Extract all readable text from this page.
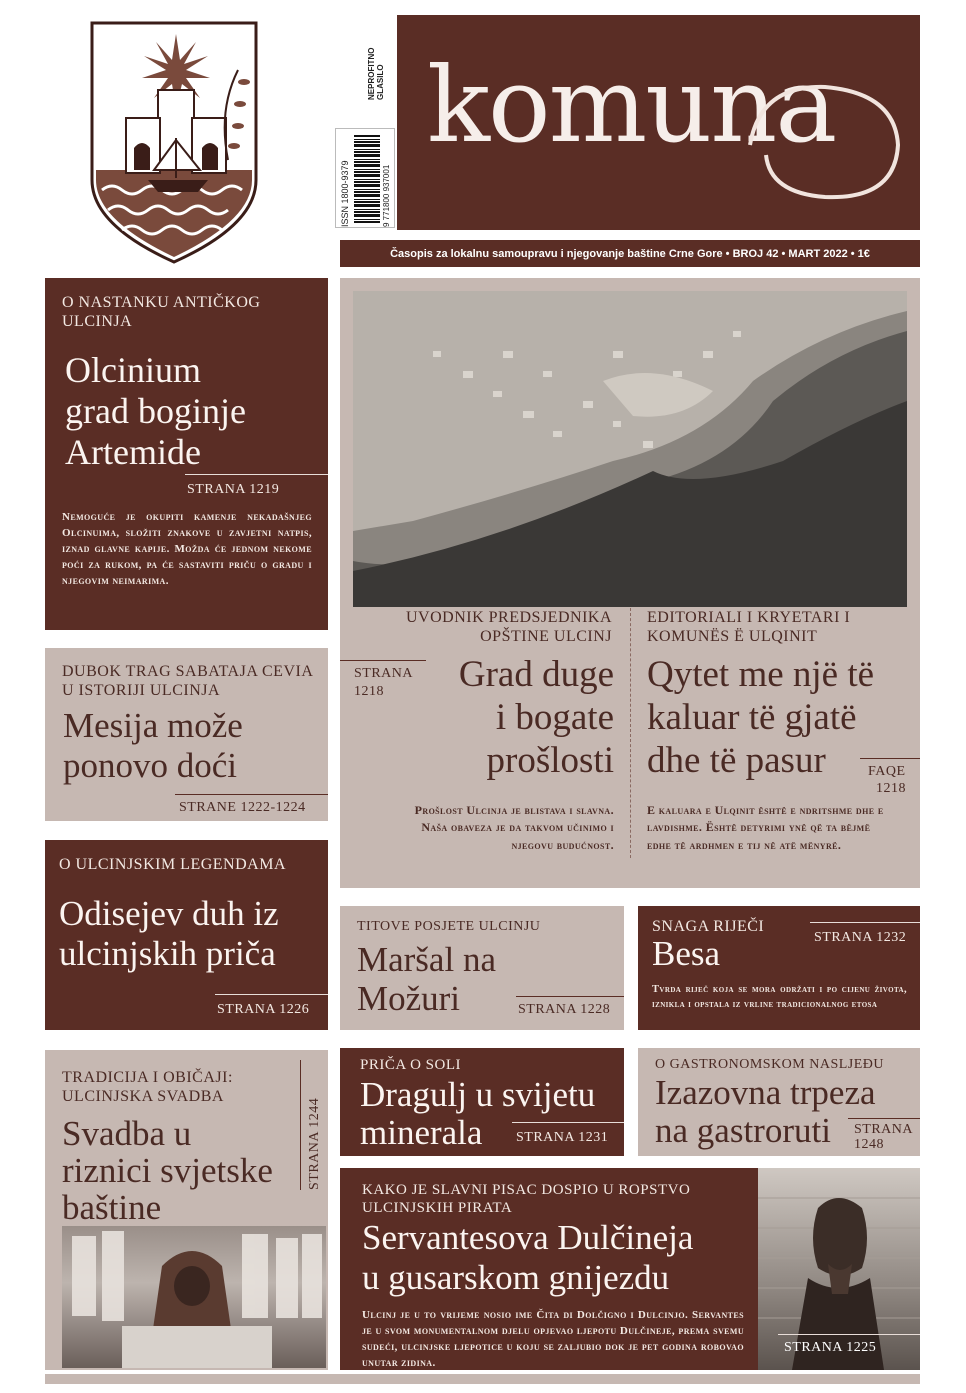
NEPROFITNO GLASILO
ISSN 1800-9379	9 771800 937001
komuna
Časopis za lokalnu samoupravu i njegovanje baštine Crne Gore • BROJ 42 • MART 2022 • 1€
O NASTANKU ANTIČKOG ULCINJA
Olcinium
grad boginje
Artemide
STRANA 1219
Nemoguće je okupiti kamenje nekadašnjeg Olcinuima, složiti znakove u zavjetni natpis, iznad glavne kapije. Možda će jednom nekome poći za rukom, pa će sastaviti priču o gradu i njegovim neimarima.
DUBOK TRAG SABATAJA CEVIA U ISTORIJI ULCINJA
Mesija može
ponovo doći
STRANE 1222-1224
O ULCINJSKIM LEGENDAMA
Odisejev duh iz
ulcinjskih priča
STRANA 1226
TRADICIJA I OBIČAJI: ULCINJSKA SVADBA
Svadba u
riznici svjetske
baštine
STRANA 1244
UVODNIK PREDSJEDNIKA OPŠTINE ULCINJ
STRANA
1218	Grad duge
i bogate
prošlosti
Prošlost Ulcinja je blistava i slavna. Naša obaveza je da takvom učinimo i njegovu budućnost.
EDITORIALI I KRYETARI I KOMUNËS Ë ULQINIT
Qytet me një të
kaluar të gjatë
dhe të pasur	FAQE
1218
E kaluara e Ulqinit është e ndritshme dhe e lavdishme. Është detyrimi ynë që ta bëjmë edhe të ardhmen e tij në atë mënyrë.
TITOVE POSJETE ULCINJU
Maršal na
Možuri	STRANA 1228
SNAGA RIJEČI
Besa	STRANA 1232
Tvrda riječ koja se mora održati i po cijenu života, iznikla i opstala iz vrline tradicionalnog etosa
PRIČA O SOLI
Dragulj u svijetu
minerala	STRANA 1231
O GASTRONOMSKOM NASLJEĐU
Izazovna trpeza
na gastroruti	STRANA
1248
KAKO JE SLAVNI PISAC DOSPIO U ROPSTVO ULCINJSKIH PIRATA
Servantesova Dulčineja
u gusarskom gnijezdu
Ulcinj je u to vrijeme nosio ime Čita di Dolčigno i Dulcinjo. Servantes je u svom monumentalnom djelu opjevao ljepotu Dulčineje, prema svemu sudeći, ulcinjske ljepotice u koju se zaljubio dok je pet godina robovao unutar zidina.
STRANA 1225
